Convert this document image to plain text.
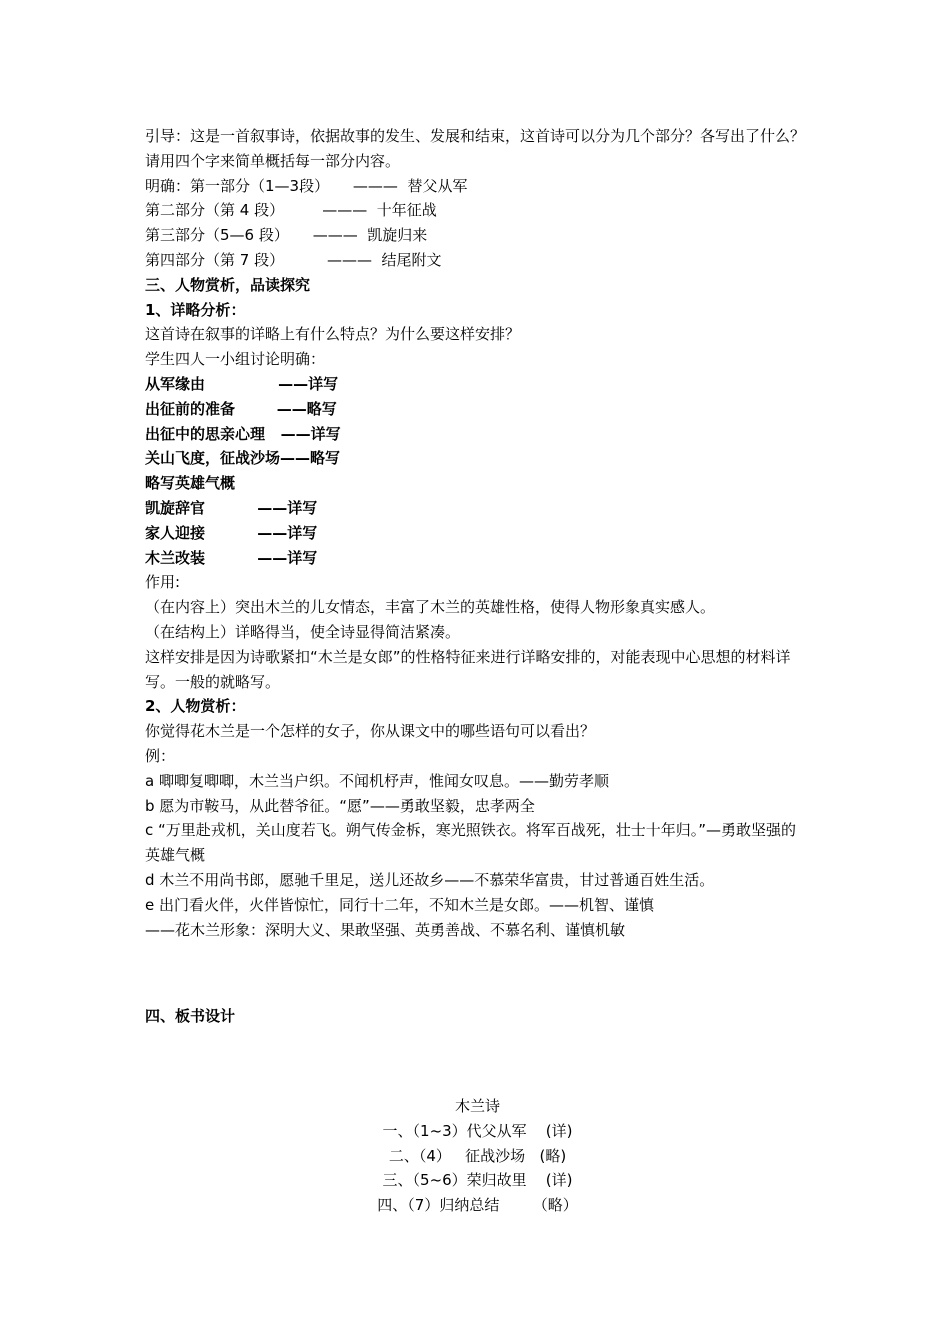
引导：这是一首叙事诗，依据故事的发生、发展和结束，这首诗可以分为几个部分？各写出了什么？请用四个字来简单概括每一部分内容。
明确：第一部分（1—3段）     ———  替父从军
第二部分（第 4 段）        ———  十年征战
第三部分（5—6 段）     ———  凯旋归来
第四部分（第 7 段）         ———  结尾附文
三、人物赏析，品读探究
1、详略分析：
这首诗在叙事的详略上有什么特点？为什么要这样安排？
学生四人一小组讨论明确：
从军缘由              ——详写
出征前的准备        ——略写
出征中的思亲心理   ——详写
关山飞度，征战沙场——略写
略写英雄气概
凯旋辞官          ——详写
家人迎接          ——详写
木兰改装          ——详写
作用:
（在内容上）突出木兰的儿女情态，丰富了木兰的英雄性格，使得人物形象真实感人。
（在结构上）详略得当，使全诗显得简洁紧凑。
这样安排是因为诗歌紧扣“木兰是女郎”的性格特征来进行详略安排的，对能表现中心思想的材料详写。一般的就略写。
2、人物赏析：
你觉得花木兰是一个怎样的女子，你从课文中的哪些语句可以看出？
例：
a 唧唧复唧唧，木兰当户织。不闻机杼声，惟闻女叹息。——勤劳孝顺
b 愿为市鞍马，从此替爷征。“愿”——勇敢坚毅，忠孝两全
c “万里赴戎机，关山度若飞。朔气传金柝，寒光照铁衣。将军百战死，壮士十年归。”—勇敢坚强的英雄气概
d 木兰不用尚书郎，愿驰千里足，送儿还故乡——不慕荣华富贵，甘过普通百姓生活。
e 出门看火伴，火伴皆惊忙，同行十二年，不知木兰是女郎。——机智、谨慎
——花木兰形象：深明大义、果敢坚强、英勇善战、不慕名利、谨慎机敏
四、板书设计
木兰诗
一、（1~3）代父从军    (详)
二、（4）   征战沙场   (略)
三、（5~6）荣归故里    (详)
四、（7）归纳总结       （略）
